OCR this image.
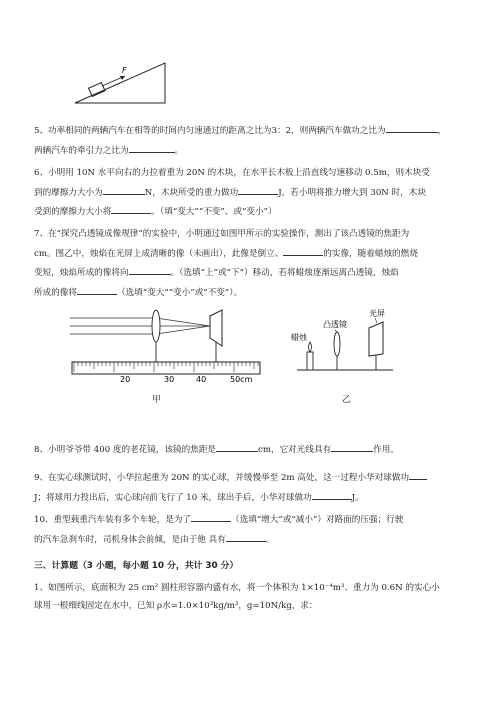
F
5、功率相同的两辆汽车在相等的时间内匀速通过的距离之比为3：2，则两辆汽车做功之比为	，
两辆汽车的牵引力之比为	。
6、小明用 10N 水平向右的力拉着重为 20N 的木块，在水平长木板上沿直线匀速移动 0.5m，则木块受
到的摩擦力大小为	N，木块所受的重力做功	J，若小明将推力增大到 30N 时，木块
受到的摩擦力大小将	。（填“变大”“不变”、或“变小”）
7、在“探究凸透镜成像规律”的实验中，小明通过如图甲所示的实验操作，测出了该凸透镜的焦距为
cm。图乙中，烛焰在光屏上成清晰的像（未画出），此像是倒立、	的实像，随着蜡烛的燃烧
变短，烛焰所成的像将向	。（选填“上”或“下”）移动，若将蜡烛逐渐远离凸透镜，烛焰
所成的像将	（选填“变大”“变小”或“不变”）。
20	30	40	50cm
甲
凸透镜
光屏
蜡烛
乙
8、小明爷爷带 400 度的老花镜，该镜的焦距是	cm，它对光线具有	作用。
9、在实心球测试时，小华拉起重为 20N 的实心球，并缓慢举至 2m 高处，这一过程小华对球做功
J；将球用力投出后，实心球向前飞行了 10 米，球出手后，小华对球做功	J。
10、重型载重汽车装有多个车轮，是为了	（选填“增大”或“减小”）对路面的压强；行驶
的汽车急刹车时，司机身体会前倾，是由于他 具有	。
三、计算题（3 小题，每小题 10 分，共计 30 分）
1、如图所示，底面积为 25 cm² 圆柱形容器内盛有水，将一个体积为 1×10⁻⁴m³、重力为 0.6N 的实心小
球用一根细线固定在水中，已知 ρ水=1.0×10³kg/m³，g=10N/kg，求：
